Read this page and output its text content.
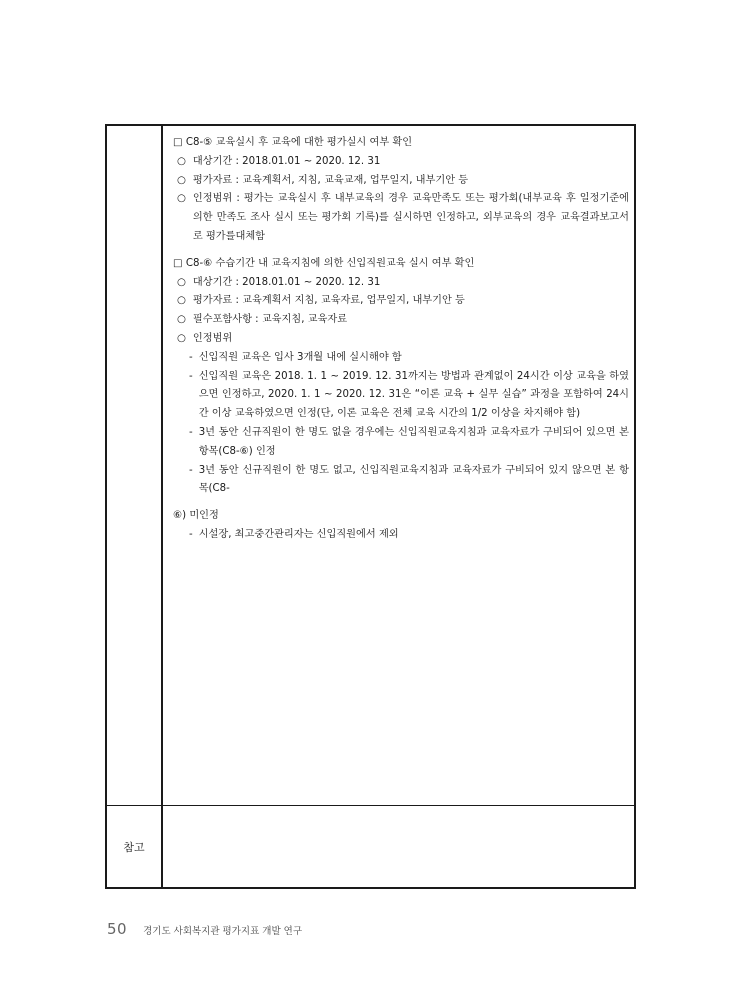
□ C8-⑤ 교육실시 후 교육에 대한 평가실시 여부 확인
○ 대상기간 : 2018.01.01 ~ 2020. 12. 31
○ 평가자료 : 교육계획서, 지침, 교육교재, 업무일지, 내부기안 등
○ 인정범위 : 평가는 교육실시 후 내부교육의 경우 교육만족도 또는 평가회(내부교육 후 일정기준에 의한 만족도 조사 실시 또는 평가회 기록)를 실시하면 인정하고, 외부교육의 경우 교육결과보고서로 평가를대체함
□ C8-⑥ 수습기간 내 교육지침에 의한 신입직원교육 실시 여부 확인
○ 대상기간 : 2018.01.01 ~ 2020. 12. 31
○ 평가자료 : 교육계획서 지침, 교육자료, 업무일지, 내부기안 등
○ 필수포함사항 : 교육지침, 교육자료
○ 인정범위
- 신입직원 교육은 입사 3개월 내에 실시해야 함
- 신입직원 교육은 2018. 1. 1 ~ 2019. 12. 31까지는 방법과 관계없이 24시간 이상 교육을 하였으면 인정하고, 2020. 1. 1 ~ 2020. 12. 31은 “이론 교육 + 실무 실습” 과정을 포함하여 24시간 이상 교육하였으면 인정(단, 이론 교육은 전체 교육 시간의 1/2 이상을 차지해야 함)
- 3년 동안 신규직원이 한 명도 없을 경우에는 신입직원교육지침과 교육자료가 구비되어 있으면 본 항목(C8-⑥) 인정
- 3년 동안 신규직원이 한 명도 없고, 신입직원교육지침과 교육자료가 구비되어 있지 않으면 본 항목(C8-
⑥) 미인정
- 시설장, 최고중간관리자는 신입직원에서 제외
참고
50 경기도 사회복지관 평가지표 개발 연구
